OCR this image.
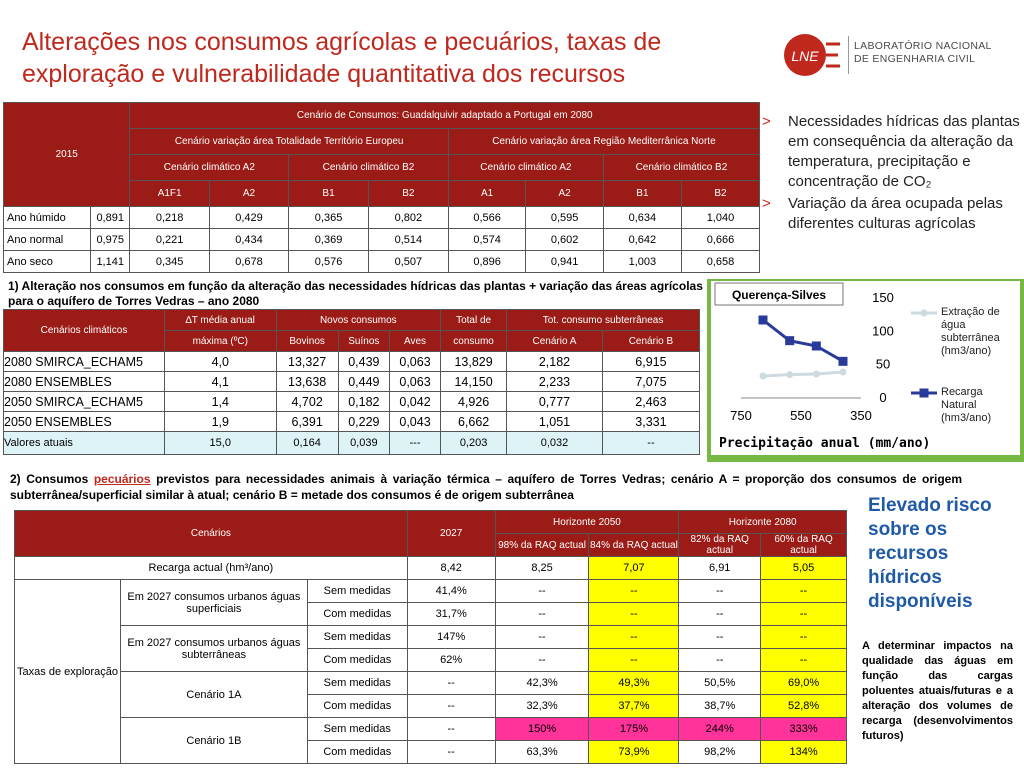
Alterações nos consumos agrícolas e pecuários, taxas de exploração e vulnerabilidade quantitativa dos recursos
LNE
LABORATÓRIO NACIONAL
DE ENGENHARIA CIVIL
2015		Cenário de Consumos: Guadalquivir adaptado a Portugal em 2080							
		Cenário variação área Totalidade Território Europeu				Cenário variação área Região Mediterrânica Norte			
		Cenário climático A2		Cenário climático B2		Cenário climático A2		Cenário climático B2	
		A1F1	A2	B1	B2	A1	A2	B1	B2
Ano húmido	0,891	0,218	0,429	0,365	0,802	0,566	0,595	0,634	1,040
Ano normal	0,975	0,221	0,434	0,369	0,514	0,574	0,602	0,642	0,666
Ano seco	1,141	0,345	0,678	0,576	0,507	0,896	0,941	1,003	0,658
1) Alteração nos consumos em função da alteração das necessidades hídricas das plantas + variação das áreas agrícolas para o aquífero de Torres Vedras – ano 2080
Cenários climáticos	∆T média anual	Novos consumos			Total de	Tot. consumo subterrâneas	
	máxima (ºC)	Bovinos	Suínos	Aves	consumo	Cenário A	Cenário B
2080 SMIRCA_ECHAM5	4,0	13,327	0,439	0,063	13,829	2,182	6,915
2080 ENSEMBLES	4,1	13,638	0,449	0,063	14,150	2,233	7,075
2050 SMIRCA_ECHAM5	1,4	4,702	0,182	0,042	4,926	0,777	2,463
2050 ENSEMBLES	1,9	6,391	0,229	0,043	6,662	1,051	3,331
Valores atuais	15,0	0,164	0,039	---	0,203	0,032	--
> Necessidades hídricas das plantas em consequência da alteração da temperatura, precipitação e concentração de CO₂
> Variação da área ocupada pelas diferentes culturas agrícolas
0
50
100
150
750	550	350
Extração de água subterrânea (hm3/ano)
Recarga Natural (hm3/ano)
Querença-Silves
Precipitação anual (mm/ano)
2) Consumos pecuários previstos para necessidades animais à variação térmica – aquífero de Torres Vedras; cenário A = proporção dos consumos de origem subterrânea/superficial similar à atual; cenário B = metade dos consumos é de origem subterrânea
Cenários			2027	Horizonte 2050		Horizonte 2080	
				98% da RAQ actual	84% da RAQ actual	82% da RAQ actual	60% da RAQ actual
Recarga actual (hm³/ano)			8,42	8,25	7,07	6,91	5,05
Taxas de exploração	Em 2027 consumos urbanos águas superficiais	Sem medidas	41,4%	--	--	--	--
		Com medidas	31,7%	--	--	--	--
	Em 2027 consumos urbanos águas subterrâneas	Sem medidas	147%	--	--	--	--
		Com medidas	62%	--	--	--	--
	Cenário 1A	Sem medidas	--	42,3%	49,3%	50,5%	69,0%
		Com medidas	--	32,3%	37,7%	38,7%	52,8%
	Cenário 1B	Sem medidas	--	150%	175%	244%	333%
		Com medidas	--	63,3%	73,9%	98,2%	134%
Elevado risco sobre os recursos hídricos disponíveis
A determinar impactos na qualidade das águas em função das cargas poluentes atuais/futuras e a alteração dos volumes de recarga (desenvolvimentos futuros)
